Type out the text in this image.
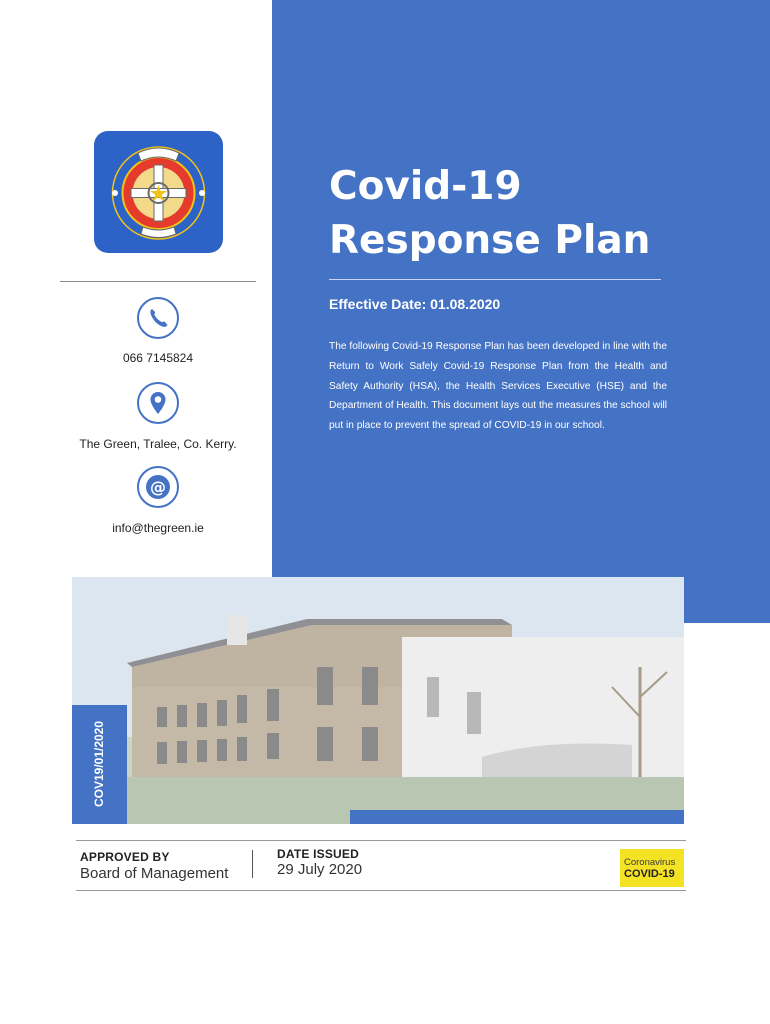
Covid-19
Response Plan

Effective Date: 01.08.2020

The following Covid-19 Response Plan has been developed in line with the Return to Work Safely Covid-19 Response Plan from the Health and Safety Authority (HSA), the Health Services Executive (HSE) and the Department of Health. This document lays out the measures the school will put in place to prevent the spread of COVID-19 in our school.

066 7145824
The Green, Tralee, Co. Kerry.
@
info@thegreen.ie
COV19/01/2020
APPROVED BY
Board of Management
DATE ISSUED
29 July 2020	Coronavirus
COVID-19
